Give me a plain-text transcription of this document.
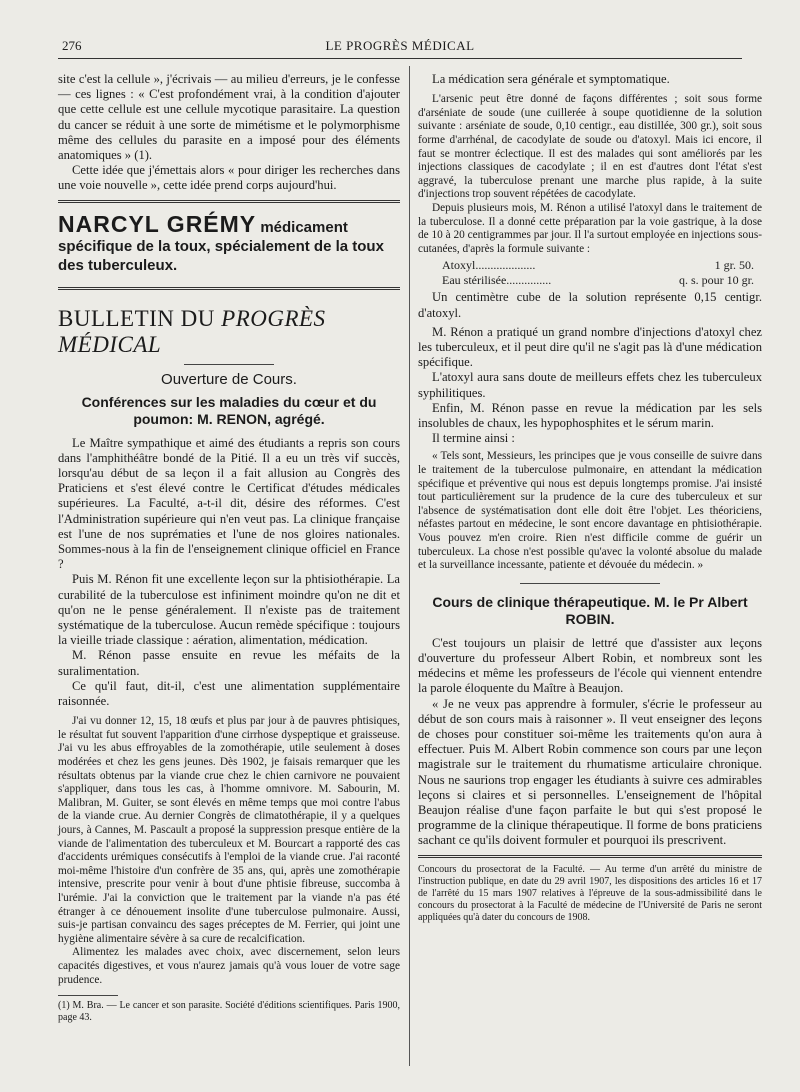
276	LE PROGRÈS MÉDICAL

site c'est la cellule », j'écrivais — au milieu d'erreurs, je le confesse — ces lignes : « C'est profondément vrai, à la condition d'ajouter que cette cellule est une cellule mycotique parasitaire. La question du cancer se réduit à une sorte de mimétisme et le polymorphisme même des cellules du parasite en a imposé pour des éléments anatomiques » (1).

Cette idée que j'émettais alors « pour diriger les recherches dans une voie nouvelle », cette idée prend corps aujourd'hui.

NARCYL GRÉMY médicament spécifique de la toux, spécialement de la toux des tuberculeux.
BULLETIN DU PROGRÈS MÉDICAL
Ouverture de Cours.
Conférences sur les maladies du cœur et du poumon: M. RENON, agrégé.

Le Maître sympathique et aimé des étudiants a repris son cours dans l'amphithéâtre bondé de la Pitié. Il a eu un très vif succès, lorsqu'au début de sa leçon il a fait allusion au Congrès des Praticiens et s'est élevé contre le Certificat d'études médicales supérieures. La Faculté, a-t-il dit, désire des réformes. C'est l'Administration supérieure qui n'en veut pas. La clinique française est l'une de nos suprématies et l'une de nos gloires nationales. Sommes-nous à la fin de l'enseignement clinique officiel en France ?

Puis M. Rénon fit une excellente leçon sur la phtisiothérapie. La curabilité de la tuberculose est infiniment moindre qu'on ne dit et qu'on ne le pense généralement. Il n'existe pas de traitement systématique de la tuberculose. Aucun remède spécifique : toujours la vieille triade classique : aération, alimentation, médication.

M. Rénon passe ensuite en revue les méfaits de la suralimentation.

Ce qu'il faut, dit-il, c'est une alimentation supplémentaire raisonnée.

J'ai vu donner 12, 15, 18 œufs et plus par jour à de pauvres phtisiques, le résultat fut souvent l'apparition d'une cirrhose dyspeptique et graisseuse. J'ai vu les abus effroyables de la zomothérapie, utile seulement à doses modérées et chez les gens jeunes. Dès 1902, je faisais remarquer que les résultats obtenus par la viande crue chez le chien carnivore ne pouvaient s'appliquer, dans tous les cas, à l'homme omnivore. M. Sabourin, M. Malibran, M. Guiter, se sont élevés en même temps que moi contre l'abus de la viande crue. Au dernier Congrès de climatothérapie, il y a quelques jours, à Cannes, M. Pascault a proposé la suppression presque entière de la viande de l'alimentation des tuberculeux et M. Bourcart a rapporté des cas d'accidents urémiques consécutifs à l'emploi de la viande crue. J'ai raconté moi-même l'histoire d'un confrère de 35 ans, qui, après une zomothérapie intensive, prescrite pour venir à bout d'une phtisie fibreuse, succomba à l'urémie. J'ai la conviction que le traitement par la viande n'a pas été étranger à ce dénouement insolite d'une tuberculose pulmonaire. Aussi, suis-je partisan convaincu des sages préceptes de M. Ferrier, qui joint une hygiène alimentaire sévère à sa cure de recalcification.

Alimentez les malades avec choix, avec discernement, selon leurs capacités digestives, et vous n'aurez jamais qu'à vous louer de votre sage prudence.

(1) M. Bra. — Le cancer et son parasite. Société d'éditions scientifiques. Paris 1900, page 43.

La médication sera générale et symptomatique.

L'arsenic peut être donné de façons différentes ; soit sous forme d'arséniate de soude (une cuillerée à soupe quotidienne de la solution suivante : arséniate de soude, 0,10 centigr., eau distillée, 300 gr.), soit sous forme d'arrhénal, de cacodylate de soude ou d'atoxyl. Mais ici encore, il faut se montrer éclectique. Il est des malades qui sont améliorés par les injections classiques de cacodylate ; il en est d'autres dont l'état s'est aggravé, la tuberculose prenant une marche plus rapide, à la suite d'injections trop souvent répétées de cacodylate.

Depuis plusieurs mois, M. Rénon a utilisé l'atoxyl dans le traitement de la tuberculose. Il a donné cette préparation par la voie gastrique, à la dose de 10 à 20 centigrammes par jour. Il l'a surtout employée en injections sous-cutanées, d'après la formule suivante :

Atoxyl....................	1 gr. 50.
Eau stérilisée...............	q. s. pour 10 gr.

Un centimètre cube de la solution représente 0,15 centigr. d'atoxyl.

M. Rénon a pratiqué un grand nombre d'injections d'atoxyl chez les tuberculeux, et il peut dire qu'il ne s'agit pas là d'une médication spécifique.

L'atoxyl aura sans doute de meilleurs effets chez les tuberculeux syphilitiques.

Enfin, M. Rénon passe en revue la médication par les sels insolubles de chaux, les hypophosphites et le sérum marin.

Il termine ainsi :

« Tels sont, Messieurs, les principes que je vous conseille de suivre dans le traitement de la tuberculose pulmonaire, en attendant la médication spécifique et préventive qui nous est depuis longtemps promise. J'ai insisté tout particulièrement sur la prudence de la cure des tuberculeux et sur l'absence de systématisation dont elle doit être l'objet. Les théoriciens, néfastes partout en médecine, le sont encore davantage en phtisiothérapie. Vous pouvez m'en croire. Rien n'est difficile comme de guérir un tuberculeux. La chose n'est possible qu'avec la volonté absolue du malade et la surveillance incessante, patiente et dévouée du médecin. »

Cours de clinique thérapeutique. M. le Pr Albert ROBIN.

C'est toujours un plaisir de lettré que d'assister aux leçons d'ouverture du professeur Albert Robin, et nombreux sont les médecins et même les professeurs de l'école qui viennent entendre la parole éloquente du Maître à Beaujon.

« Je ne veux pas apprendre à formuler, s'écrie le professeur au début de son cours mais à raisonner ». Il veut enseigner des leçons de choses pour constituer soi-même les traitements qu'on aura à effectuer. Puis M. Albert Robin commence son cours par une leçon magistrale sur le traitement du rhumatisme articulaire chronique. Nous ne saurions trop engager les étudiants à suivre ces admirables leçons si claires et si personnelles. L'enseignement de l'hôpital Beaujon réalise d'une façon parfaite le but qui s'est proposé le programme de la clinique thérapeutique. Il forme de bons praticiens sachant ce qu'ils doivent formuler et pourquoi ils prescrivent.

Concours du prosectorat de la Faculté. — Au terme d'un arrêté du ministre de l'instruction publique, en date du 29 avril 1907, les dispositions des articles 16 et 17 de l'arrêté du 15 mars 1907 relatives à l'épreuve de la sous-admissibilité dans le concours du prosectorat à la Faculté de médecine de l'Université de Paris ne seront appliquées qu'à dater du concours de 1908.
